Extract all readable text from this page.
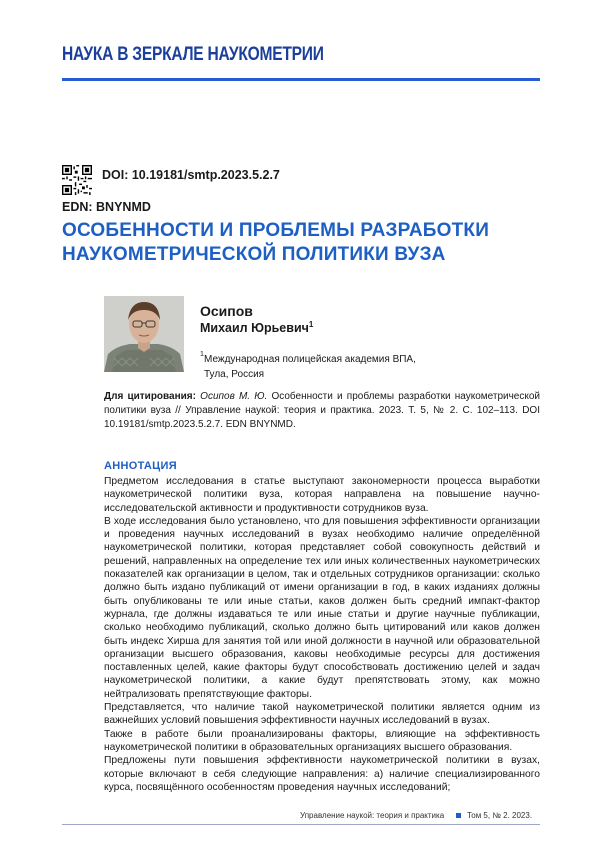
НАУКА В ЗЕРКАЛЕ НАУКОМЕТРИИ
DOI: 10.19181/smtp.2023.5.2.7
EDN: BNYNMD
ОСОБЕННОСТИ И ПРОБЛЕМЫ РАЗРАБОТКИ
НАУКОМЕТРИЧЕСКОЙ ПОЛИТИКИ ВУЗА
Осипов
Михаил Юрьевич$^1$
1 Международная полицейская академия ВПА,
Тула, Россия
Для цитирования: Осипов М. Ю. Особенности и проблемы разработки наукометрической политики вуза // Управление наукой: теория и практика. 2023. Т. 5, № 2. С. 102–113. DOI 10.19181/smtp.2023.5.2.7. EDN BNYNMD.
АННОТАЦИЯ

Предметом исследования в статье выступают закономерности процесса выработки наукометрической политики вуза, которая направлена на повышение научно-исследовательской активности и продуктивности сотрудников вуза.

В ходе исследования было установлено, что для повышения эффективности организации и проведения научных исследований в вузах необходимо наличие определённой наукометрической политики, которая представляет собой совокупность действий и решений, направленных на определение тех или иных количественных наукометрических показателей как организации в целом, так и отдельных сотрудников организации: сколько должно быть издано публикаций от имени организации в год, в каких изданиях должны быть опубликованы те или иные статьи, каков должен быть средний импакт-фактор журнала, где должны издаваться те или иные статьи и другие научные публикации, сколько необходимо публикаций, сколько должно быть цитирований или каков должен быть индекс Хирша для занятия той или иной должности в научной или образовательной организации высшего образования, каковы необходимые ресурсы для достижения поставленных целей, какие факторы будут способствовать достижению целей и задач наукометрической политики, а какие будут препятствовать этому, как можно нейтрализовать препятствующие факторы.

Представляется, что наличие такой наукометрической политики является одним из важнейших условий повышения эффективности научных исследований в вузах.

Также в работе были проанализированы факторы, влияющие на эффективность наукометрической политики в образовательных организациях высшего образования.

Предложены пути повышения эффективности наукометрической политики в вузах, которые включают в себя следующие направления: а) наличие специализированного курса, посвящённого особенностям проведения научных исследований;

Управление наукой: теория и практика	Том 5, № 2. 2023.
